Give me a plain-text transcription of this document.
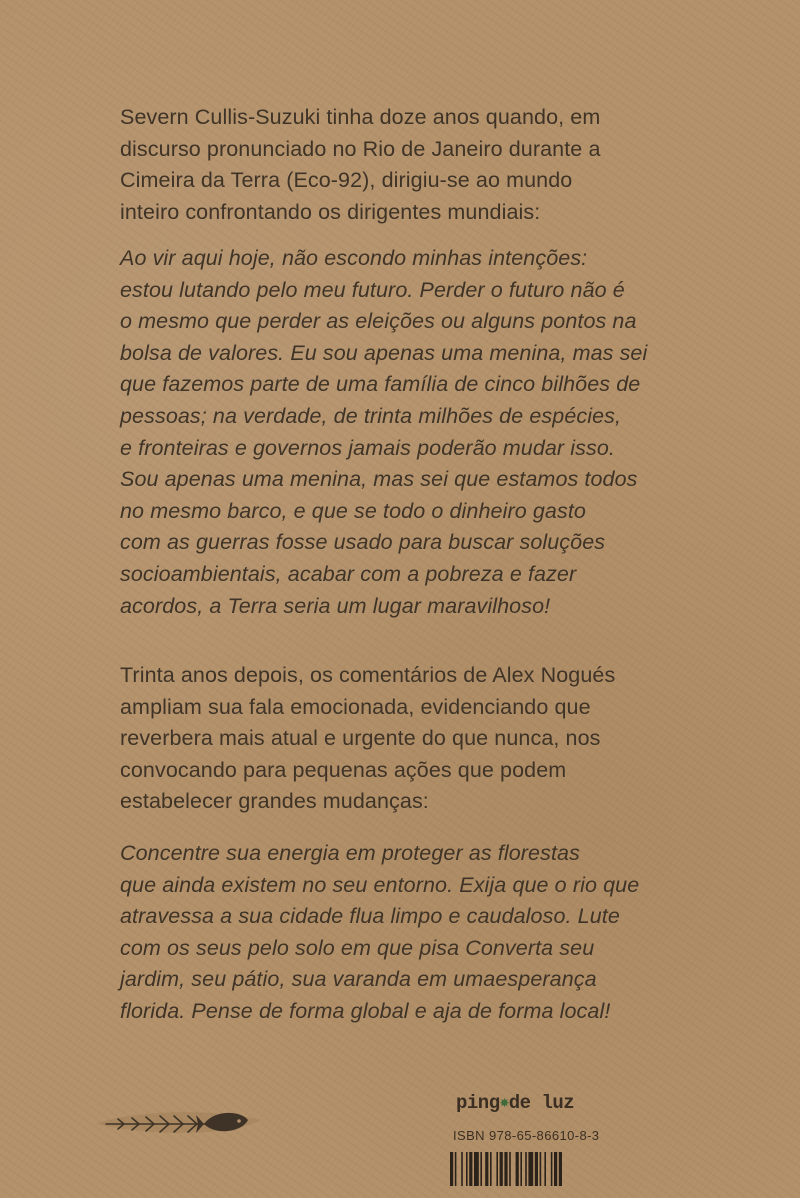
Severn Cullis-Suzuki tinha doze anos quando, em
discurso pronunciado no Rio de Janeiro durante a
Cimeira da Terra (Eco-92), dirigiu-se ao mundo
inteiro confrontando os dirigentes mundiais:

Ao vir aqui hoje, não escondo minhas intenções:
estou lutando pelo meu futuro. Perder o futuro não é
o mesmo que perder as eleições ou alguns pontos na
bolsa de valores. Eu sou apenas uma menina, mas sei
que fazemos parte de uma família de cinco bilhões de
pessoas; na verdade, de trinta milhões de espécies,
e fronteiras e governos jamais poderão mudar isso.
Sou apenas uma menina, mas sei que estamos todos
no mesmo barco, e que se todo o dinheiro gasto
com as guerras fosse usado para buscar soluções
socioambientais, acabar com a pobreza e fazer
acordos, a Terra seria um lugar maravilhoso!

Trinta anos depois, os comentários de Alex Nogués
ampliam sua fala emocionada, evidenciando que
reverbera mais atual e urgente do que nunca, nos
convocando para pequenas ações que podem
estabelecer grandes mudanças:

Concentre sua energia em proteger as florestas
que ainda existem no seu entorno. Exija que o rio que
atravessa a sua cidade flua limpo e caudaloso. Lute
com os seus pelo solo em que pisa Converta seu
jardim, seu pátio, sua varanda em umaesperança
florida. Pense de forma global e aja de forma local!

ping✸de luz
ISBN 978-65-86610-8-3
